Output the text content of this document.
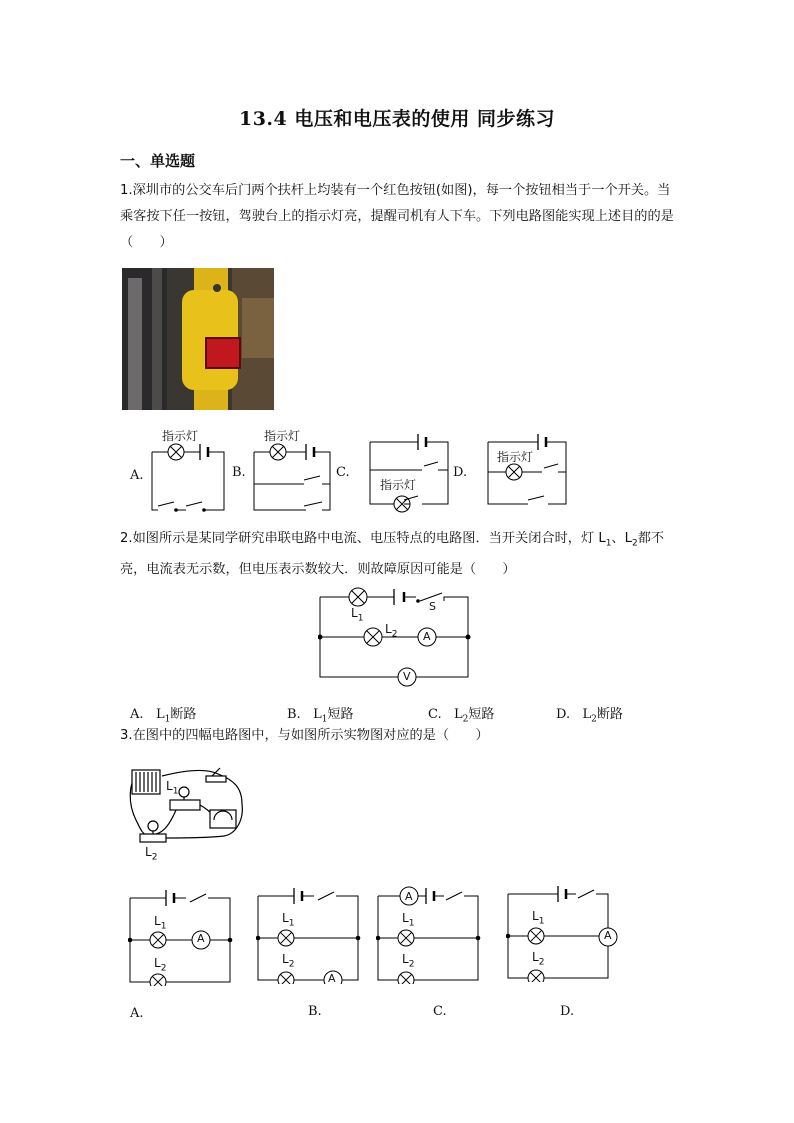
13.4 电压和电压表的使用 同步练习
一、单选题
1.深圳市的公交车后门两个扶杆上均装有一个红色按钮(如图)，每一个按钮相当于一个开关。当乘客按下任一按钮，驾驶台上的指示灯亮，提醒司机有人下车。下列电路图能实现上述目的的是（　　）
A.
指示灯
B.
指示灯
C.
指示灯
D.
指示灯
2.如图所示是某同学研究串联电路中电流、电压特点的电路图．当开关闭合时，灯 $L_1$、$L_2$都不亮，电流表无示数，但电压表示数较大．则故障原因可能是（　　）
$L_1$
$L_2$
S
A
V
A. $L_1$断路	B. $L_1$短路	C. $L_2$短路	D. $L_2$断路
3.在图中的四幅电路图中，与如图所示实物图对应的是（　　）
$L_1$
$L_2$
$L_1$
$L_2$
A
A.
$L_1$
$L_2$
A
B.
$L_1$
$L_2$
A
C.
$L_1$
$L_2$
A
D.
